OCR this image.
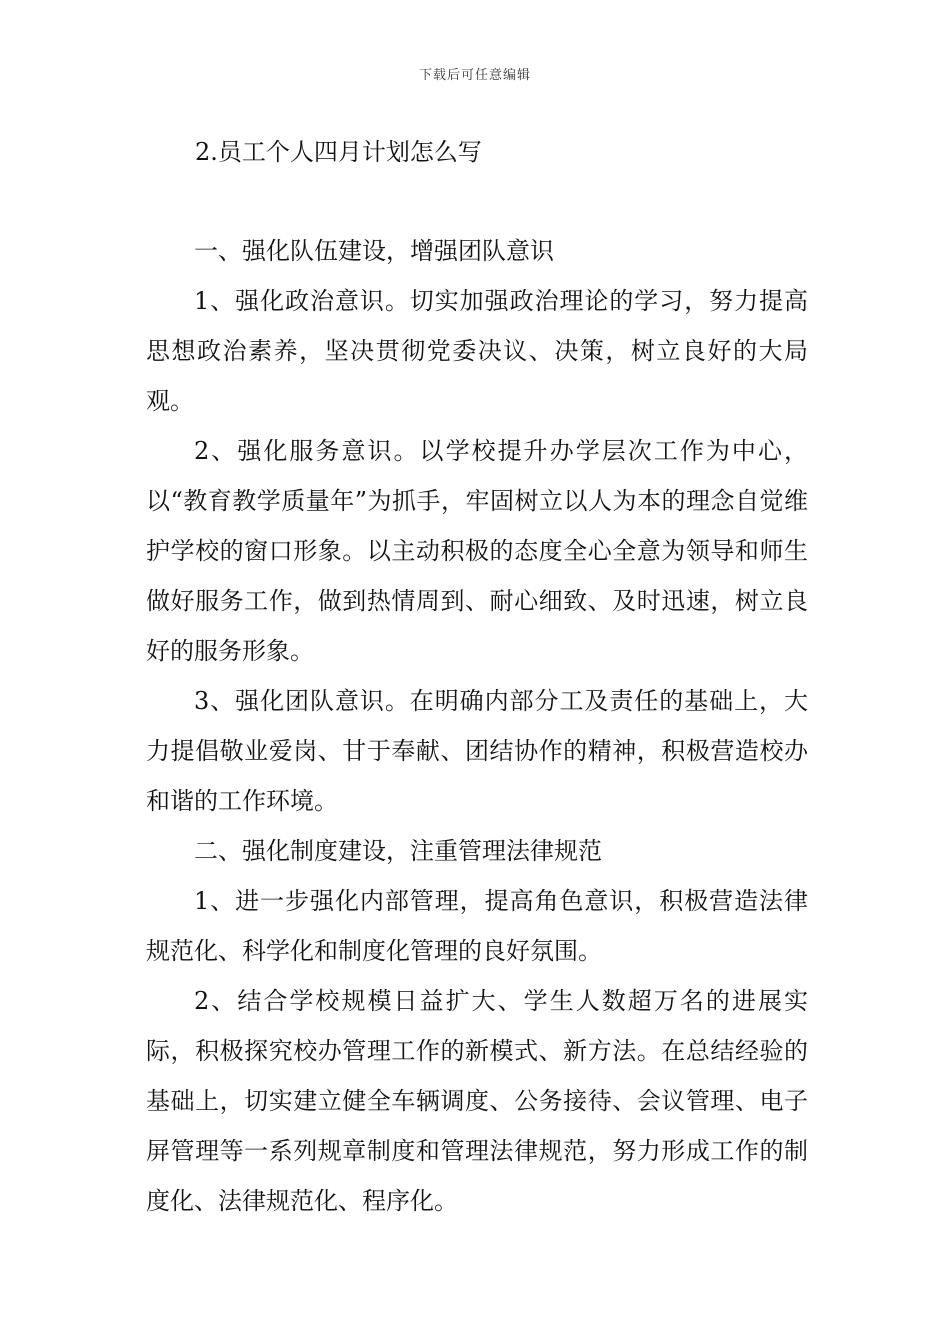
下载后可任意编辑
2.员工个人四月计划怎么写

一、强化队伍建设，增强团队意识

1、强化政治意识。切实加强政治理论的学习，努力提高思想政治素养，坚决贯彻党委决议、决策，树立良好的大局观。

2、强化服务意识。以学校提升办学层次工作为中心，以“教育教学质量年”为抓手，牢固树立以人为本的理念自觉维护学校的窗口形象。以主动积极的态度全心全意为领导和师生做好服务工作，做到热情周到、耐心细致、及时迅速，树立良好的服务形象。

3、强化团队意识。在明确内部分工及责任的基础上，大力提倡敬业爱岗、甘于奉献、团结协作的精神，积极营造校办和谐的工作环境。

二、强化制度建设，注重管理法律规范

1、进一步强化内部管理，提高角色意识，积极营造法律规范化、科学化和制度化管理的良好氛围。

2、结合学校规模日益扩大、学生人数超万名的进展实际，积极探究校办管理工作的新模式、新方法。在总结经验的基础上，切实建立健全车辆调度、公务接待、会议管理、电子屏管理等一系列规章制度和管理法律规范，努力形成工作的制度化、法律规范化、程序化。
